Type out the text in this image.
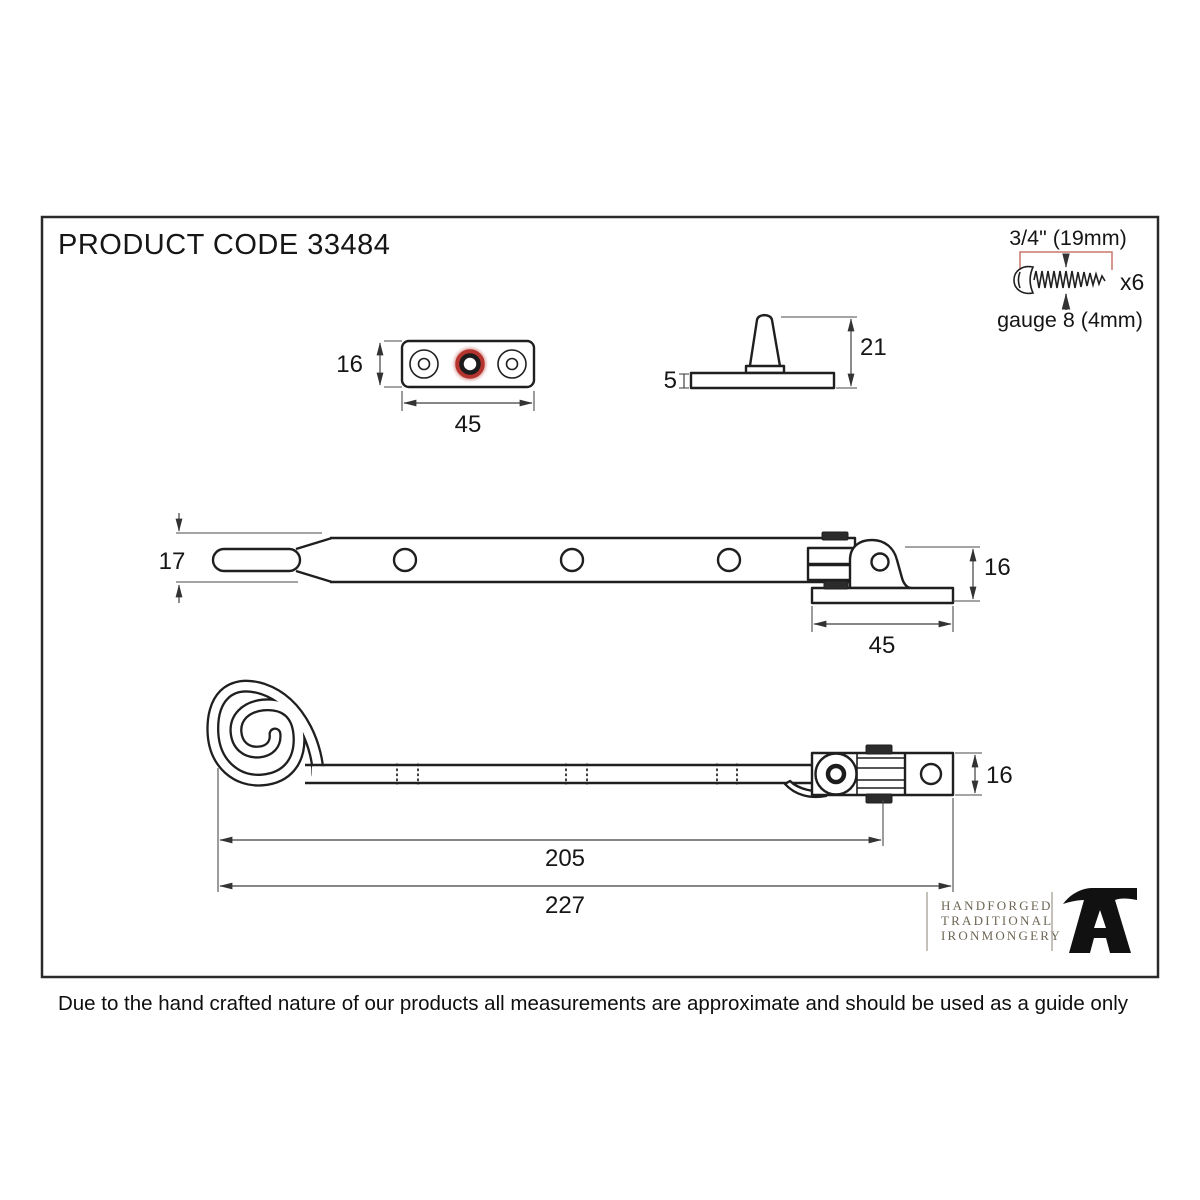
PRODUCT CODE 33484	3/4" (19mm)
x6
gauge 8 (4mm)
16
45
5
21
17	16
45
16
205
227	HANDFORGED
TRADITIONAL
IRONMONGERY
Due to the hand crafted nature of our products all measurements are approximate and should be used as a guide only
